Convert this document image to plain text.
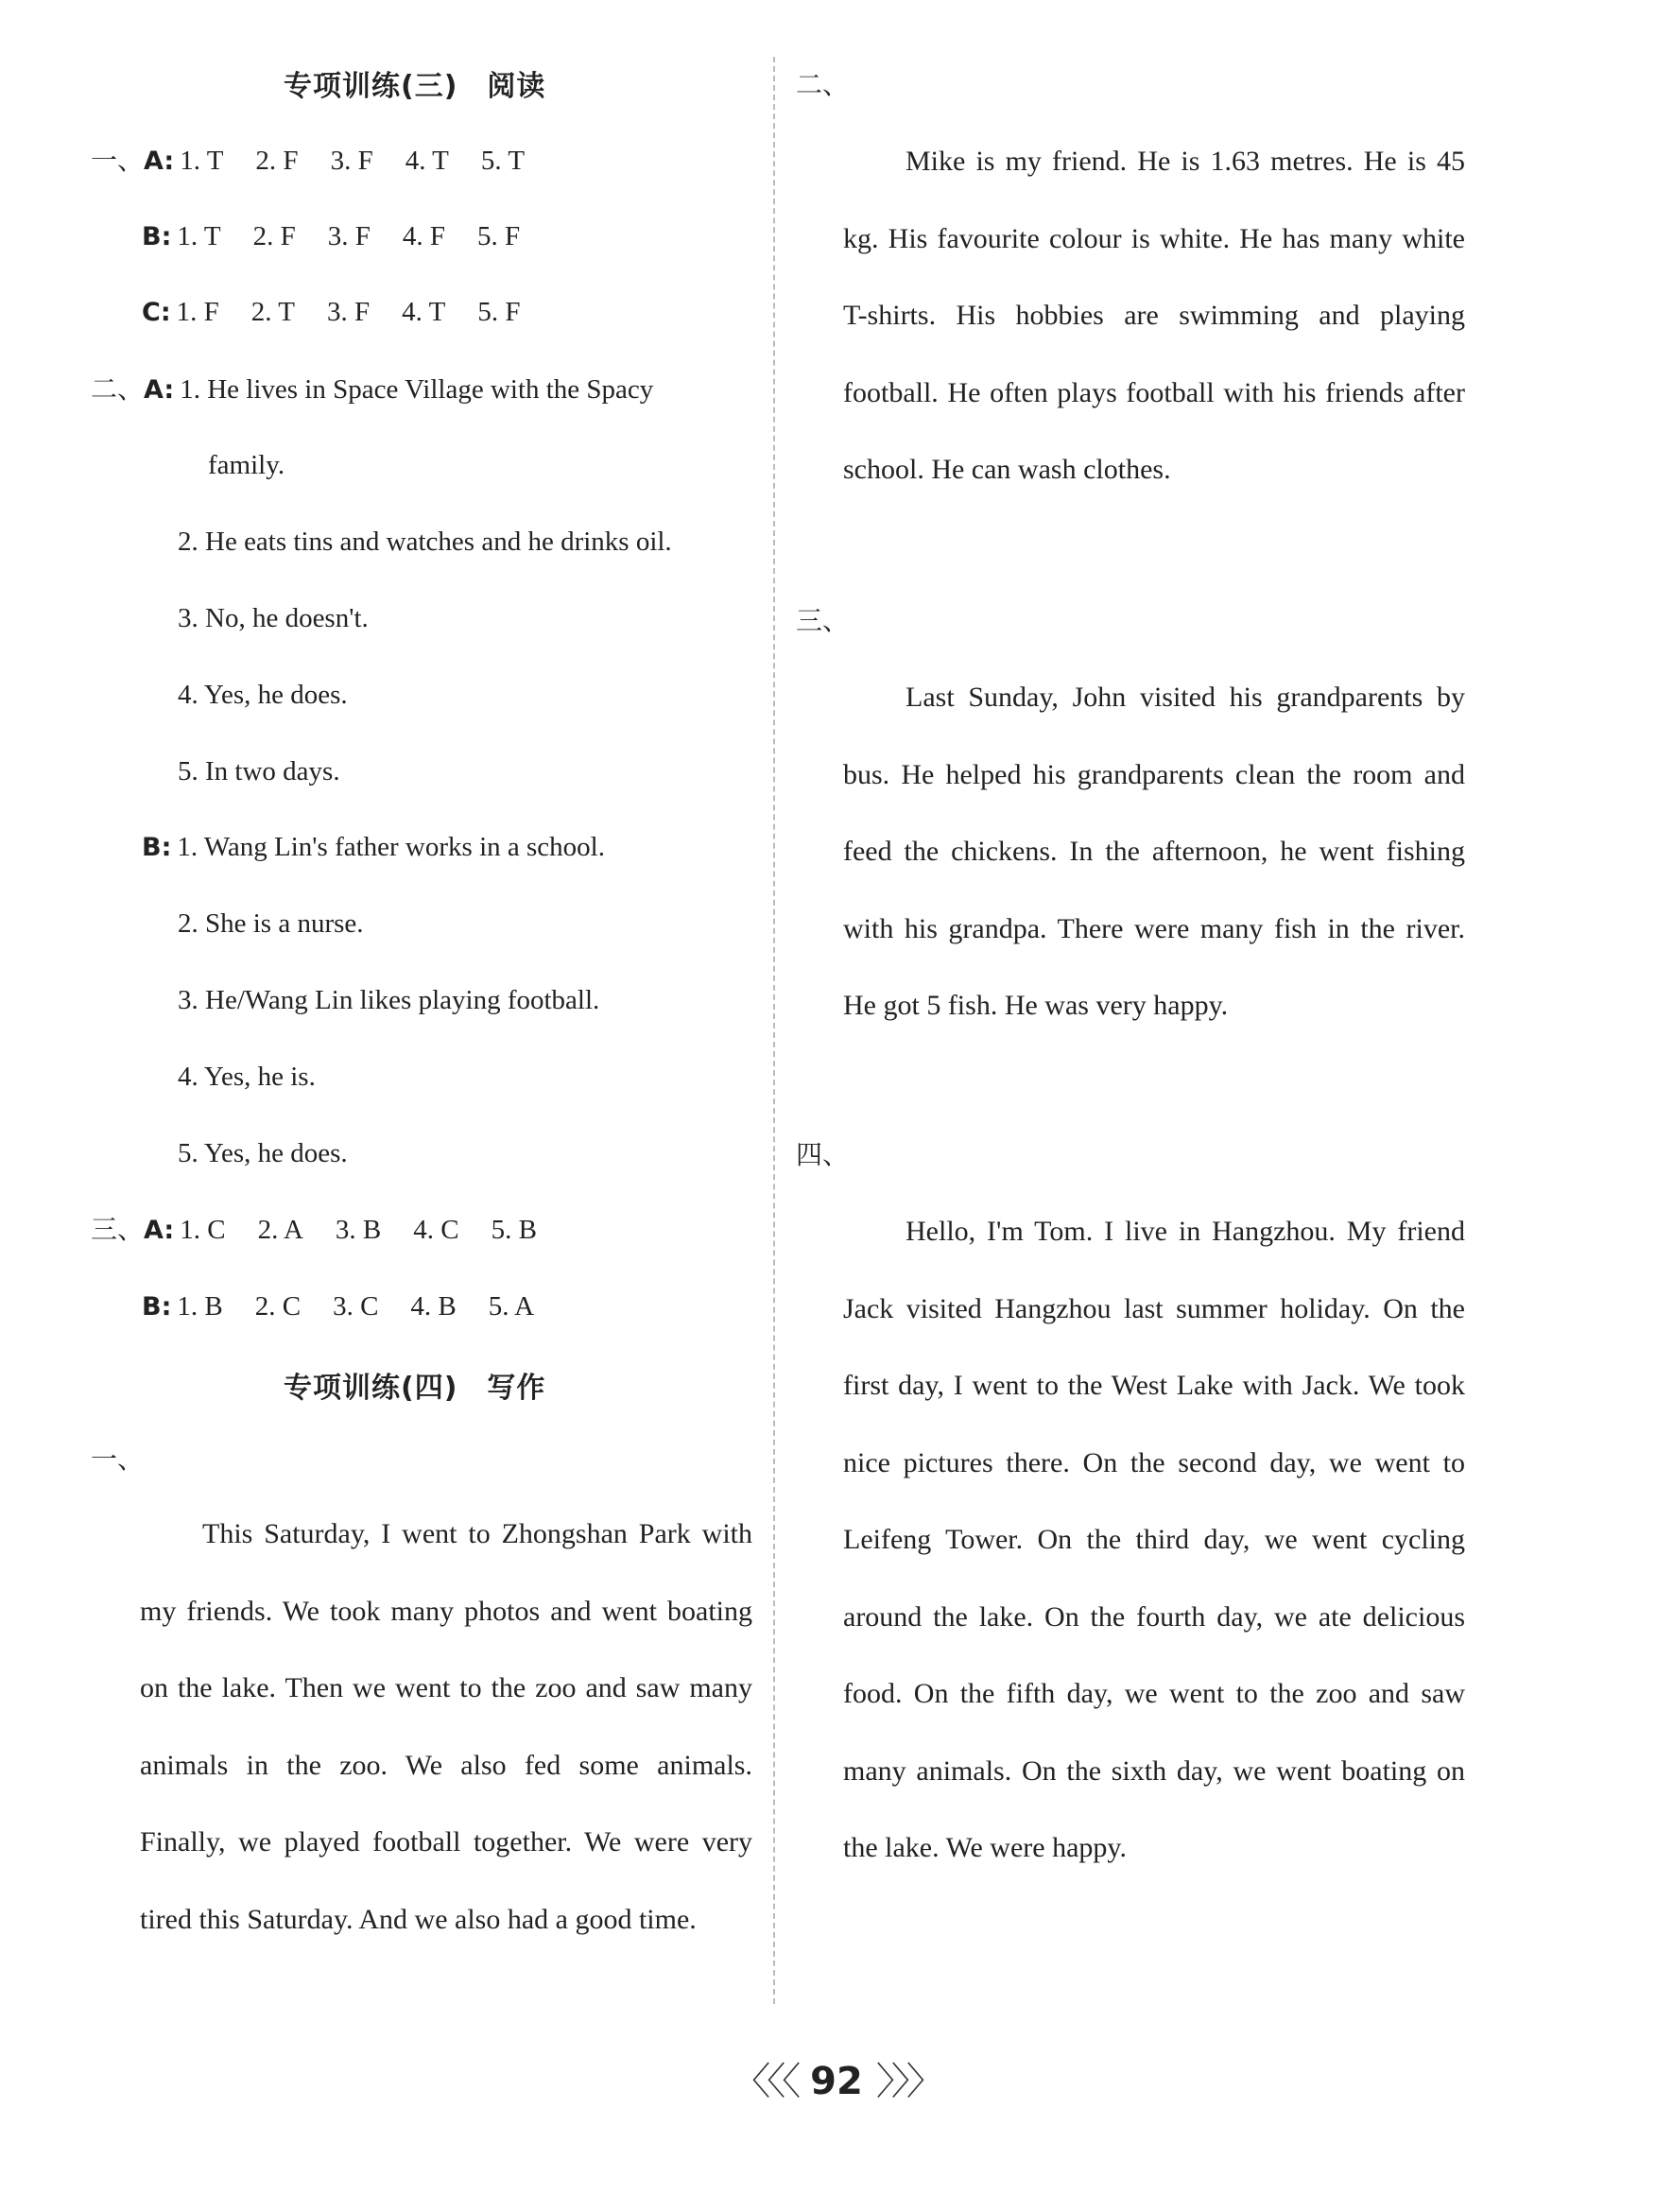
专项训练(三)　阅读
一、A: 1. T 2. F 3. F 4. T 5. T
B: 1. T 2. F 3. F 4. F 5. F
C: 1. F 2. T 3. F 4. T 5. F
二、A: 1. He lives in Space Village with the Spacy
family.
2. He eats tins and watches and he drinks oil.
3. No, he doesn't.
4. Yes, he does.
5. In two days.
B: 1. Wang Lin's father works in a school.
2. She is a nurse.
3. He/Wang Lin likes playing football.
4. Yes, he is.
5. Yes, he does.
三、A: 1. C 2. A 3. B 4. C 5. B
B: 1. B 2. C 3. C 4. B 5. A
专项训练(四)　写作
一、
This Saturday, I went to Zhongshan Park with my friends. We took many photos and went boating on the lake. Then we went to the zoo and saw many animals in the zoo. We also fed some animals. Finally, we played football together. We were very tired this Saturday. And we also had a good time.
二、
Mike is my friend. He is 1.63 metres. He is 45 kg. His favourite colour is white. He has many white T-shirts. His hobbies are swimming and playing football. He often plays football with his friends after school. He can wash clothes.
三、
Last Sunday, John visited his grandparents by bus. He helped his grandparents clean the room and feed the chickens. In the afternoon, he went fishing with his grandpa. There were many fish in the river. He got 5 fish. He was very happy.
四、
Hello, I'm Tom. I live in Hangzhou. My friend Jack visited Hangzhou last summer holiday. On the first day, I went to the West Lake with Jack. We took nice pictures there. On the second day, we went to Leifeng Tower. On the third day, we went cycling around the lake. On the fourth day, we ate delicious food. On the fifth day, we went to the zoo and saw many animals. On the sixth day, we went boating on the lake. We were happy.
〈〈〈 92 〉〉〉
